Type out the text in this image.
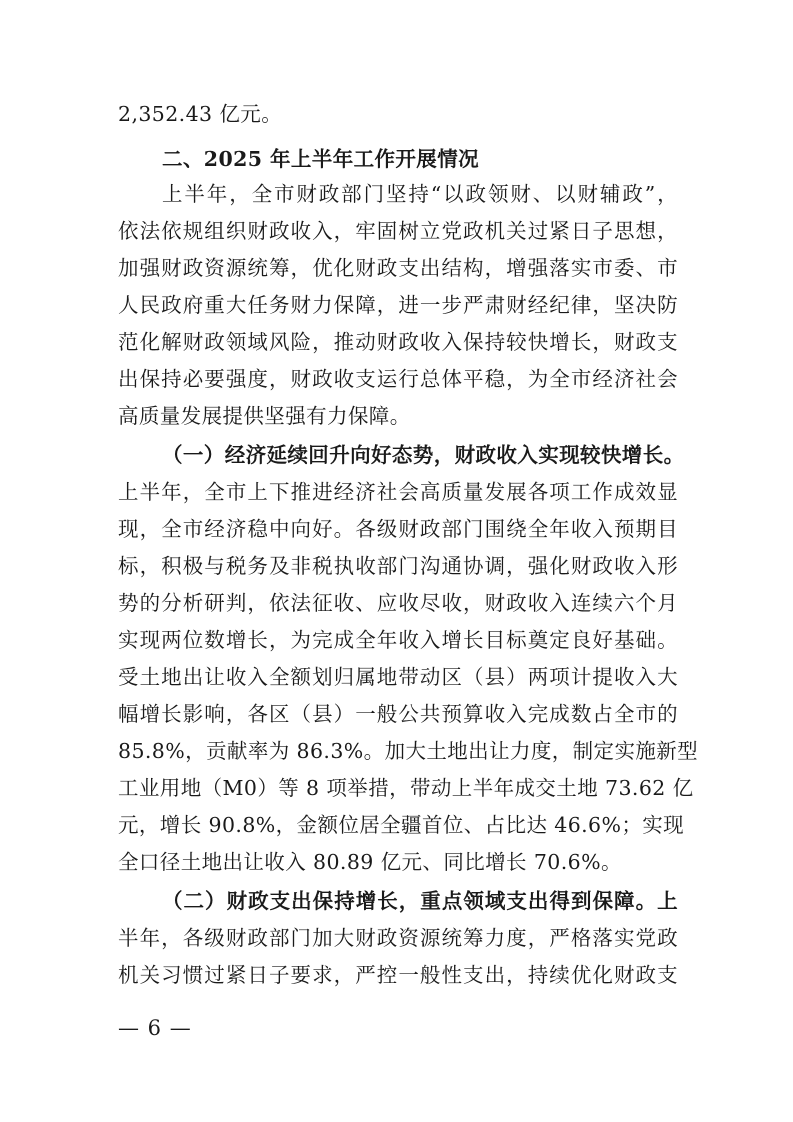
2,352.43 亿元。
二、2025 年上半年工作开展情况
上半年，全市财政部门坚持“以政领财、以财辅政”，
依法依规组织财政收入，牢固树立党政机关过紧日子思想，
加强财政资源统筹，优化财政支出结构，增强落实市委、市
人民政府重大任务财力保障，进一步严肃财经纪律，坚决防
范化解财政领域风险，推动财政收入保持较快增长，财政支
出保持必要强度，财政收支运行总体平稳，为全市经济社会
高质量发展提供坚强有力保障。
（一）经济延续回升向好态势，财政收入实现较快增长。
上半年，全市上下推进经济社会高质量发展各项工作成效显
现，全市经济稳中向好。各级财政部门围绕全年收入预期目
标，积极与税务及非税执收部门沟通协调，强化财政收入形
势的分析研判，依法征收、应收尽收，财政收入连续六个月
实现两位数增长，为完成全年收入增长目标奠定良好基础。
受土地出让收入全额划归属地带动区（县）两项计提收入大
幅增长影响，各区（县）一般公共预算收入完成数占全市的
85.8%，贡献率为 86.3%。加大土地出让力度，制定实施新型
工业用地（M0）等 8 项举措，带动上半年成交土地 73.62 亿
元，增长 90.8%，金额位居全疆首位、占比达 46.6%；实现
全口径土地出让收入 80.89 亿元、同比增长 70.6%。
（二）财政支出保持增长，重点领域支出得到保障。上
半年，各级财政部门加大财政资源统筹力度，严格落实党政
机关习惯过紧日子要求，严控一般性支出，持续优化财政支
— 6 —
